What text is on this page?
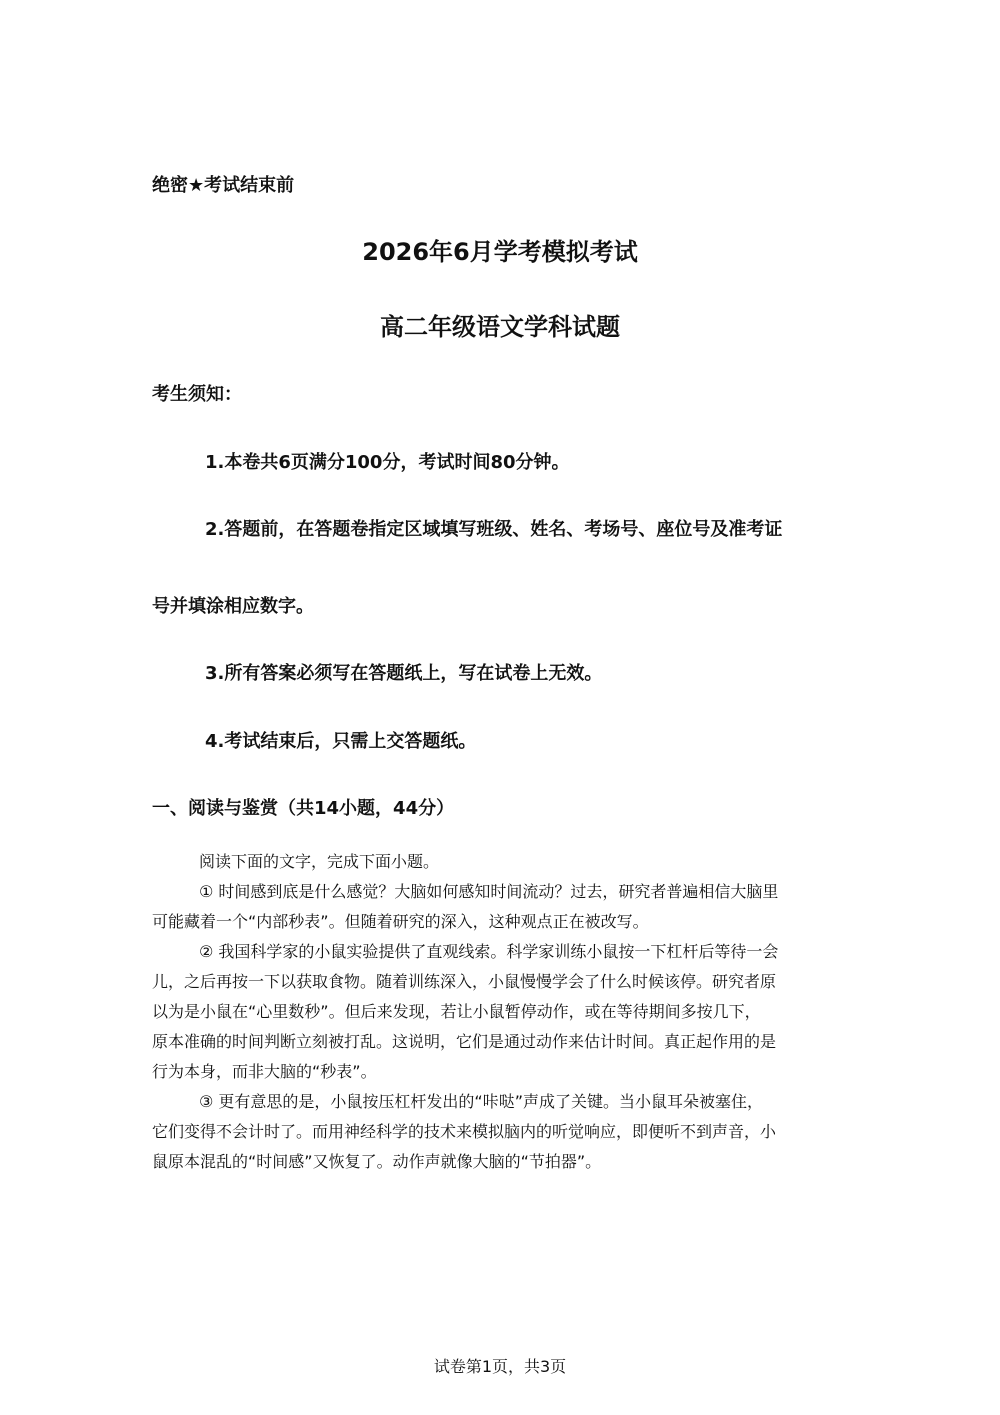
绝密★考试结束前
2026年6月学考模拟考试
高二年级语文学科试题
考生须知：
1.本卷共6页满分100分，考试时间80分钟。
2.答题前，在答题卷指定区域填写班级、姓名、考场号、座位号及准考证
号并填涂相应数字。
3.所有答案必须写在答题纸上，写在试卷上无效。
4.考试结束后，只需上交答题纸。
一、阅读与鉴赏（共14小题，44分）

阅读下面的文字，完成下面小题。

① 时间感到底是什么感觉？大脑如何感知时间流动？过去，研究者普遍相信大脑里

可能藏着一个“内部秒表”。但随着研究的深入，这种观点正在被改写。

② 我国科学家的小鼠实验提供了直观线索。科学家训练小鼠按一下杠杆后等待一会

儿，之后再按一下以获取食物。随着训练深入，小鼠慢慢学会了什么时候该停。研究者原

以为是小鼠在“心里数秒”。但后来发现，若让小鼠暂停动作，或在等待期间多按几下，

原本准确的时间判断立刻被打乱。这说明，它们是通过动作来估计时间。真正起作用的是

行为本身，而非大脑的“秒表”。

③ 更有意思的是，小鼠按压杠杆发出的“咔哒”声成了关键。当小鼠耳朵被塞住，

它们变得不会计时了。而用神经科学的技术来模拟脑内的听觉响应，即便听不到声音，小

鼠原本混乱的“时间感”又恢复了。动作声就像大脑的“节拍器”。

试卷第1页，共3页
